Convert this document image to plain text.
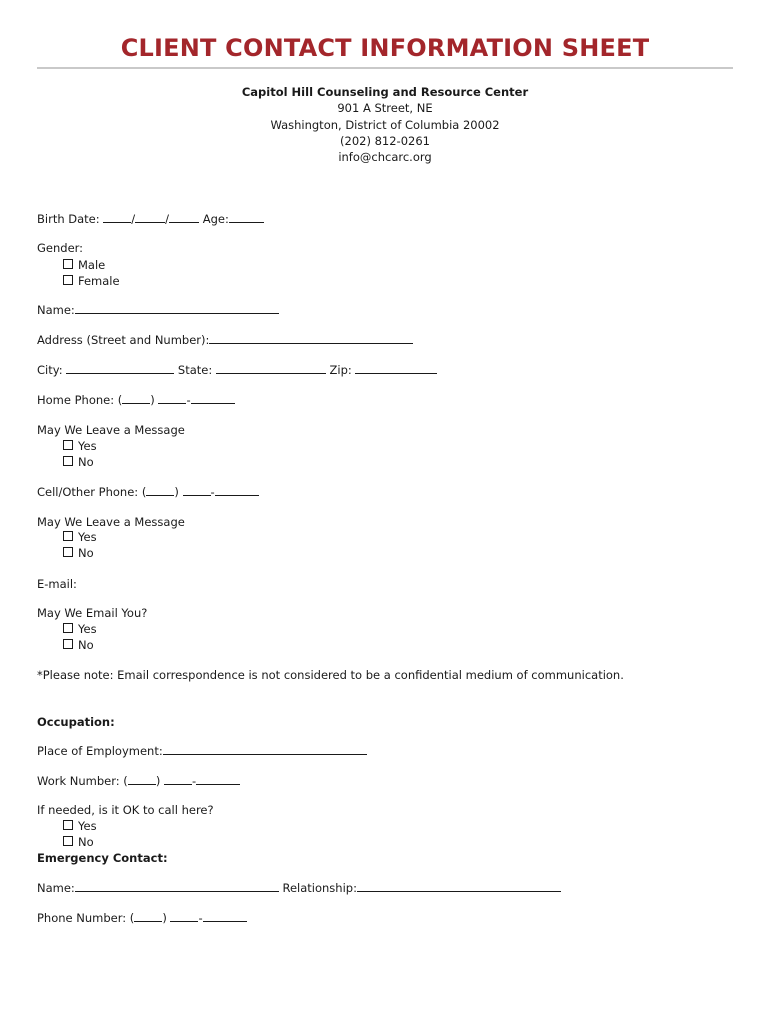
CLIENT CONTACT INFORMATION SHEET
Capitol Hill Counseling and Resource Center
901 A Street, NE
Washington, District of Columbia 20002
(202) 812-0261
info@chcarc.org
Birth Date:	/	/	Age:
Gender:
Male
Female
Name:
Address (Street and Number):
City:	State:	Zip:
Home Phone: ( ) -
May We Leave a Message
Yes
No
Cell/Other Phone: ( ) -
May We Leave a Message
Yes
No
E-mail:
May We Email You?
Yes
No
*Please note: Email correspondence is not considered to be a confidential medium of communication.
Occupation:
Place of Employment:
Work Number: ( ) -
If needed, is it OK to call here?
Yes
No
Emergency Contact:
Name:	Relationship:
Phone Number: ( ) -
